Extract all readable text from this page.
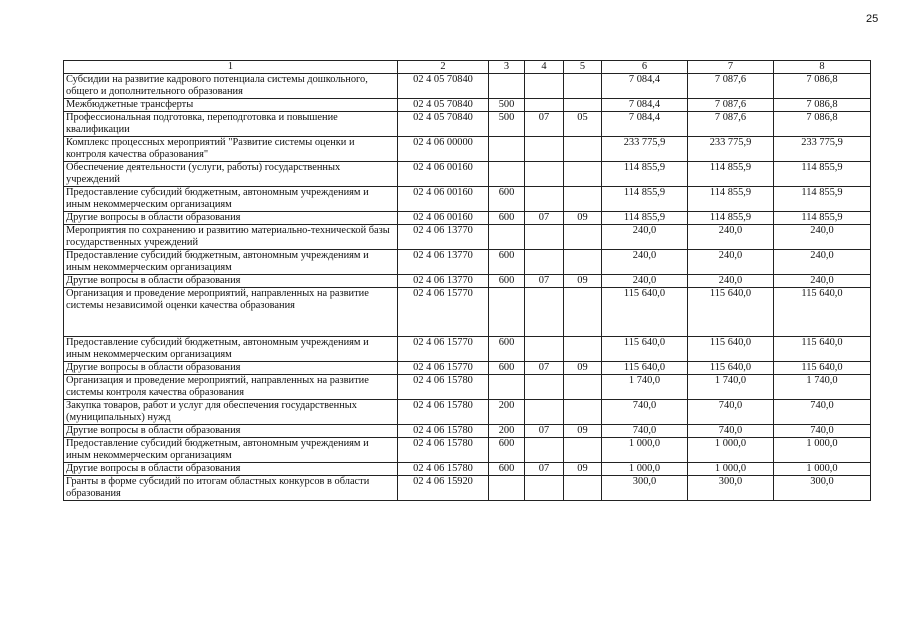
25
1	2	3	4	5	6	7	8
Субсидии на развитие кадрового потенциала системы дошкольного, общего и дополнительного образования	02 4 05 70840				7 084,4	7 087,6	7 086,8
Межбюджетные трансферты	02 4 05 70840	500			7 084,4	7 087,6	7 086,8
Профессиональная подготовка, переподготовка и повышение квалификации	02 4 05 70840	500	07	05	7 084,4	7 087,6	7 086,8
Комплекс процессных мероприятий "Развитие системы оценки и контроля качества образования"	02 4 06 00000				233 775,9	233 775,9	233 775,9
Обеспечение деятельности (услуги, работы) государственных учреждений	02 4 06 00160				114 855,9	114 855,9	114 855,9
Предоставление субсидий бюджетным, автономным учреждениям и иным некоммерческим организациям	02 4 06 00160	600			114 855,9	114 855,9	114 855,9
Другие вопросы в области образования	02 4 06 00160	600	07	09	114 855,9	114 855,9	114 855,9
Мероприятия по сохранению и развитию материально-технической базы государственных учреждений	02 4 06 13770				240,0	240,0	240,0
Предоставление субсидий бюджетным, автономным учреждениям и иным некоммерческим организациям	02 4 06 13770	600			240,0	240,0	240,0
Другие вопросы в области образования	02 4 06 13770	600	07	09	240,0	240,0	240,0
Организация и проведение мероприятий, направленных на развитие системы независимой оценки качества образования	02 4 06 15770				115 640,0	115 640,0	115 640,0
Предоставление субсидий бюджетным, автономным учреждениям и иным некоммерческим организациям	02 4 06 15770	600			115 640,0	115 640,0	115 640,0
Другие вопросы в области образования	02 4 06 15770	600	07	09	115 640,0	115 640,0	115 640,0
Организация и проведение мероприятий, направленных на развитие системы контроля качества образования	02 4 06 15780				1 740,0	1 740,0	1 740,0
Закупка товаров, работ и услуг для обеспечения государственных (муниципальных) нужд	02 4 06 15780	200			740,0	740,0	740,0
Другие вопросы в области образования	02 4 06 15780	200	07	09	740,0	740,0	740,0
Предоставление субсидий бюджетным, автономным учреждениям и иным некоммерческим организациям	02 4 06 15780	600			1 000,0	1 000,0	1 000,0
Другие вопросы в области образования	02 4 06 15780	600	07	09	1 000,0	1 000,0	1 000,0
Гранты в форме субсидий по итогам областных конкурсов в области образования	02 4 06 15920				300,0	300,0	300,0
